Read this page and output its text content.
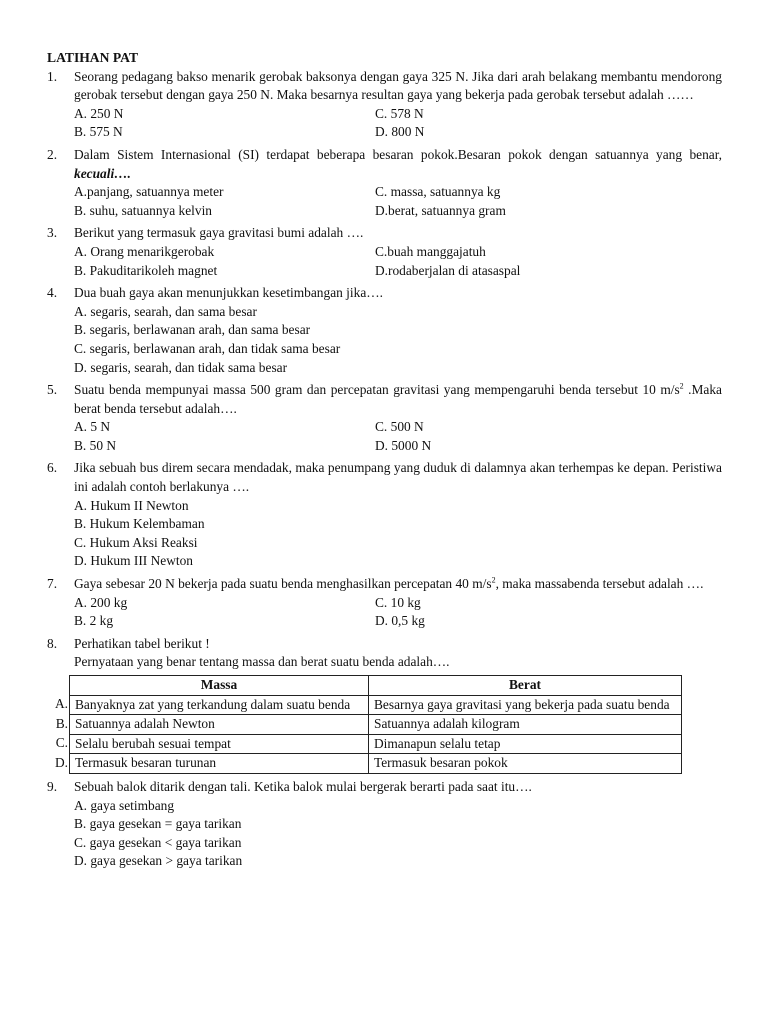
LATIHAN PAT
1. Seorang pedagang bakso menarik gerobak baksonya dengan gaya 325 N. Jika dari arah belakang membantu mendorong gerobak tersebut dengan gaya 250 N. Maka besarnya resultan gaya yang bekerja pada gerobak tersebut adalah ……
A. 250 N	C. 578 N
B. 575 N	D. 800 N
2. Dalam Sistem Internasional (SI) terdapat beberapa besaran pokok.Besaran pokok dengan satuannya yang benar, kecuali….
A.panjang, satuannya meter	C. massa, satuannya kg
B. suhu, satuannya kelvin	D.berat, satuannya gram
3. Berikut yang termasuk gaya gravitasi bumi adalah ….
A. Orang menarikgerobak	C.buah manggajatuh
B. Pakuditarikoleh magnet	D.rodaberjalan di atasaspal
4. Dua buah gaya akan menunjukkan kesetimbangan jika….
A. segaris, searah, dan sama besar
B. segaris, berlawanan arah, dan sama besar
C. segaris, berlawanan arah, dan tidak sama besar
D. segaris, searah, dan tidak sama besar
5. Suatu benda mempunyai massa 500 gram dan percepatan gravitasi yang mempengaruhi benda tersebut 10 $m/s^2$ .Maka berat benda tersebut adalah….
A. 5 N	C. 500 N
B. 50 N	D. 5000 N
6. Jika sebuah bus direm secara mendadak, maka penumpang yang duduk di dalamnya akan terhempas ke depan. Peristiwa ini adalah contoh berlakunya ….
A. Hukum II Newton
B. Hukum Kelembaman
C. Hukum Aksi Reaksi
D. Hukum III Newton
7. Gaya sebesar 20 N bekerja pada suatu benda menghasilkan percepatan 40 $m/s^2$, maka massabenda tersebut adalah ….
A. 200 kg	C. 10 kg
B. 2 kg	D. 0,5 kg
8. Perhatikan tabel berikut !
Pernyataan yang benar tentang massa dan berat suatu benda adalah….
	Massa	Berat
A.	Banyaknya zat yang terkandung dalam suatu benda	Besarnya gaya gravitasi yang bekerja pada suatu benda
B.	Satuannya adalah Newton	Satuannya adalah kilogram
C.	Selalu berubah sesuai tempat	Dimanapun selalu tetap
D.	Termasuk besaran turunan	Termasuk besaran pokok
9. Sebuah balok ditarik dengan tali. Ketika balok mulai bergerak berarti pada saat itu….
A. gaya setimbang
B. gaya gesekan = gaya tarikan
C. gaya gesekan < gaya tarikan
D. gaya gesekan > gaya tarikan
